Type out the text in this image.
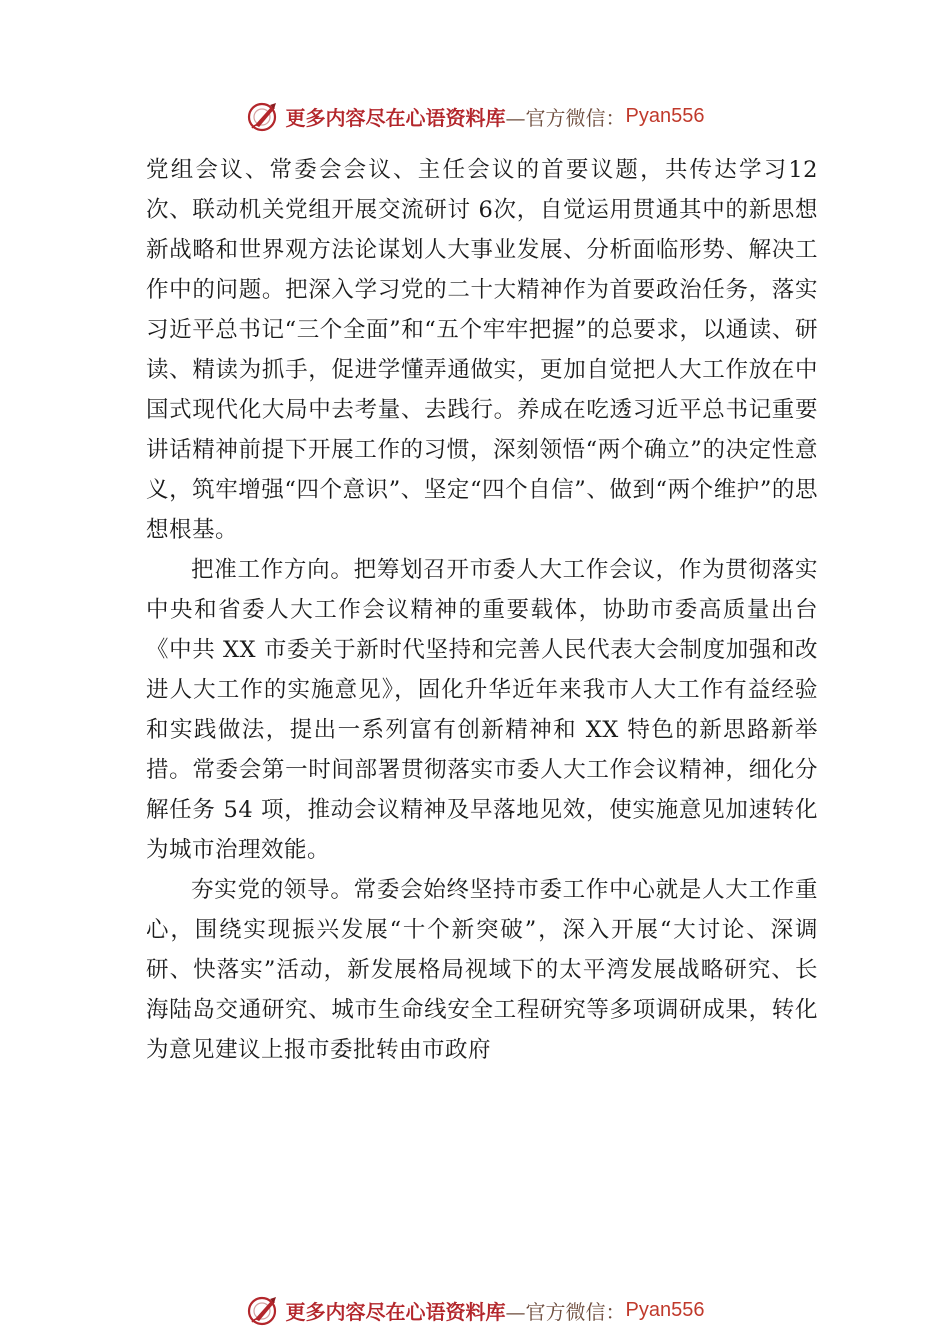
更多内容尽在心语资料库 —官方微信： Pyan556

党组会议、常委会会议、主任会议的首要议题，共传达学习12次、联动机关党组开展交流研讨 6次，自觉运用贯通其中的新思想新战略和世界观方法论谋划人大事业发展、分析面临形势、解决工作中的问题。把深入学习党的二十大精神作为首要政治任务，落实习近平总书记“三个全面”和“五个牢牢把握”的总要求，以通读、研读、精读为抓手，促进学懂弄通做实，更加自觉把人大工作放在中国式现代化大局中去考量、去践行。养成在吃透习近平总书记重要讲话精神前提下开展工作的习惯，深刻领悟“两个确立”的决定性意义，筑牢增强“四个意识”、坚定“四个自信”、做到“两个维护”的思想根基。

把准工作方向。把筹划召开市委人大工作会议，作为贯彻落实中央和省委人大工作会议精神的重要载体，协助市委高质量出台《中共 XX 市委关于新时代坚持和完善人民代表大会制度加强和改进人大工作的实施意见》，固化升华近年来我市人大工作有益经验和实践做法，提出一系列富有创新精神和 XX 特色的新思路新举措。常委会第一时间部署贯彻落实市委人大工作会议精神，细化分解任务 54 项，推动会议精神及早落地见效，使实施意见加速转化为城市治理效能。

夯实党的领导。常委会始终坚持市委工作中心就是人大工作重心，围绕实现振兴发展“十个新突破”，深入开展“大讨论、深调研、快落实”活动，新发展格局视域下的太平湾发展战略研究、长海陆岛交通研究、城市生命线安全工程研究等多项调研成果，转化为意见建议上报市委批转由市政府

更多内容尽在心语资料库 —官方微信： Pyan556
